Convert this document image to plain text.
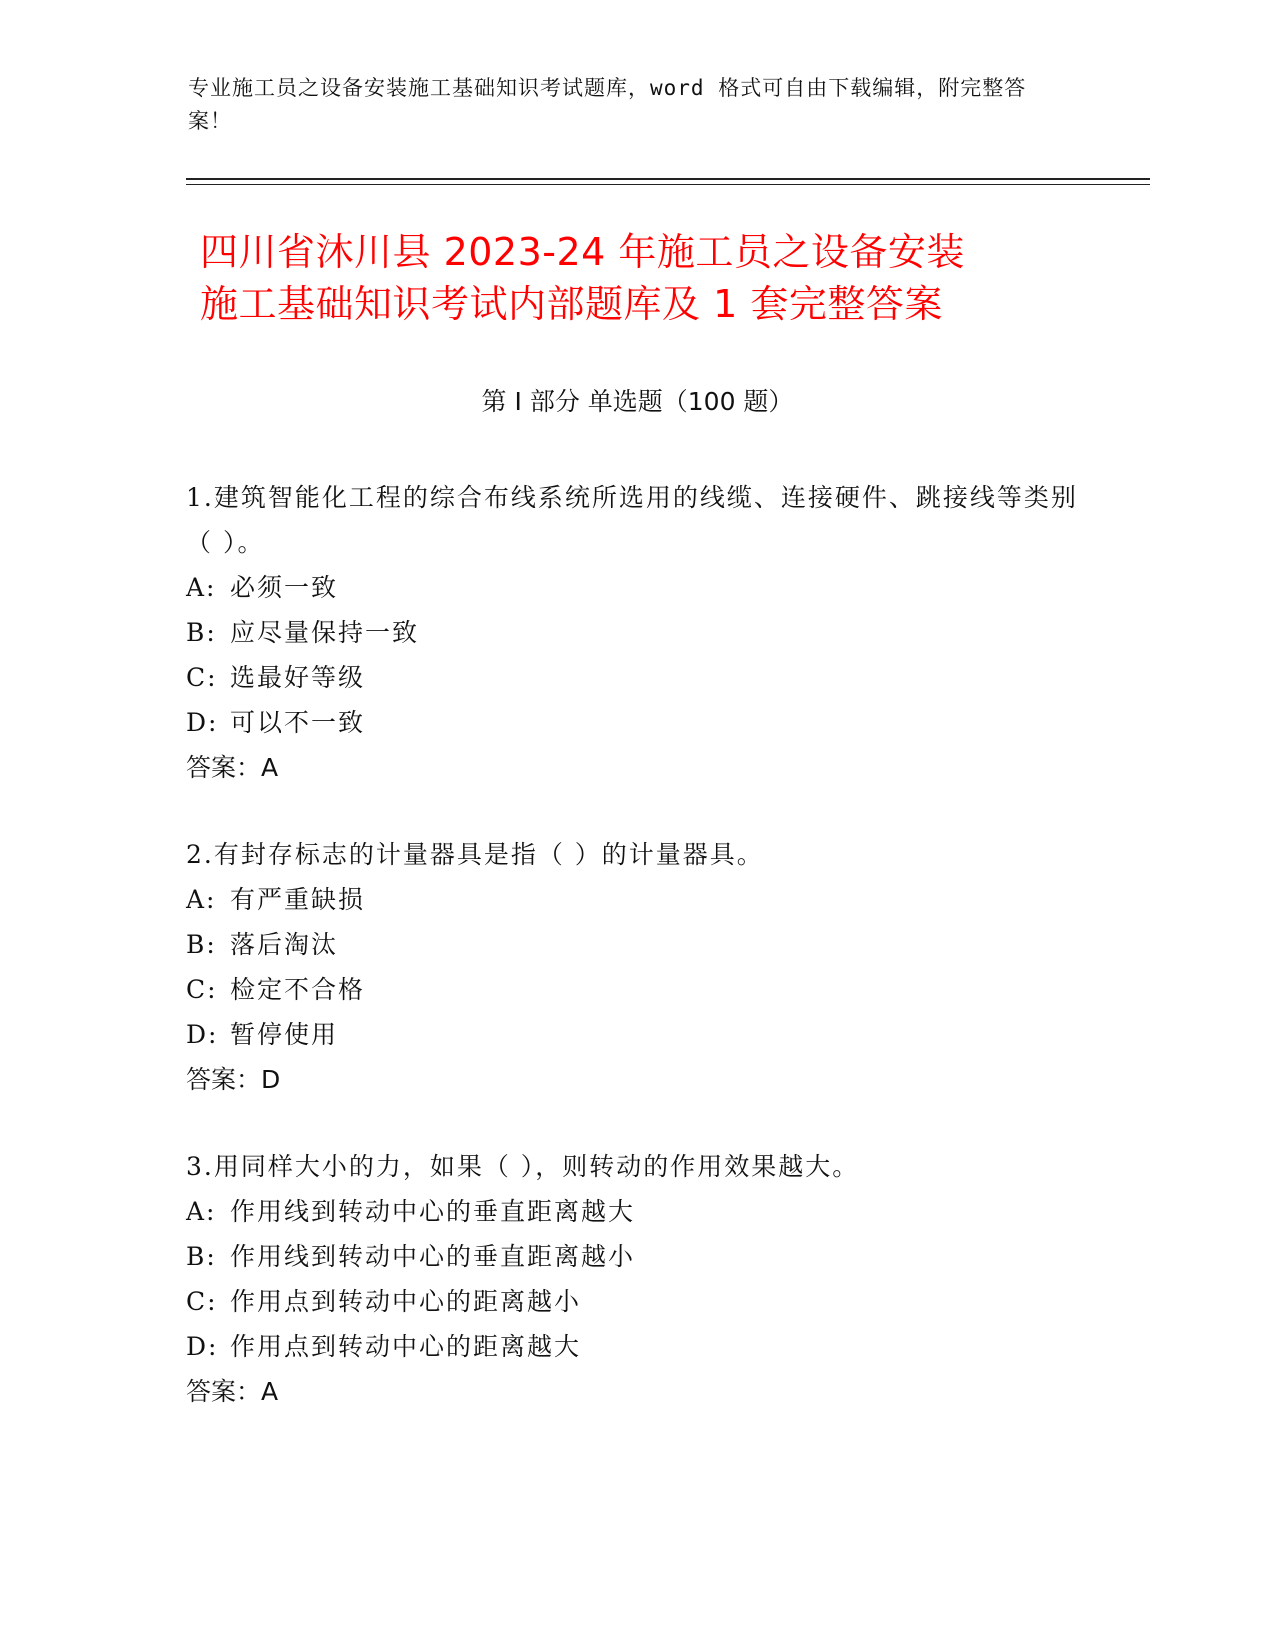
专业施工员之设备安装施工基础知识考试题库，word 格式可自由下载编辑，附完整答案！
四川省沐川县 2023-24 年施工员之设备安装
施工基础知识考试内部题库及 1 套完整答案
第 I 部分 单选题（100 题）

1.建筑智能化工程的综合布线系统所选用的线缆、连接硬件、跳接线等类别（ ）。

A: 必须一致
B: 应尽量保持一致
C: 选最好等级
D: 可以不一致
答案：A

2.有封存标志的计量器具是指（ ）的计量器具。

A: 有严重缺损
B: 落后淘汰
C: 检定不合格
D: 暂停使用
答案：D

3.用同样大小的力，如果（ ），则转动的作用效果越大。

A: 作用线到转动中心的垂直距离越大
B: 作用线到转动中心的垂直距离越小
C: 作用点到转动中心的距离越小
D: 作用点到转动中心的距离越大
答案：A
